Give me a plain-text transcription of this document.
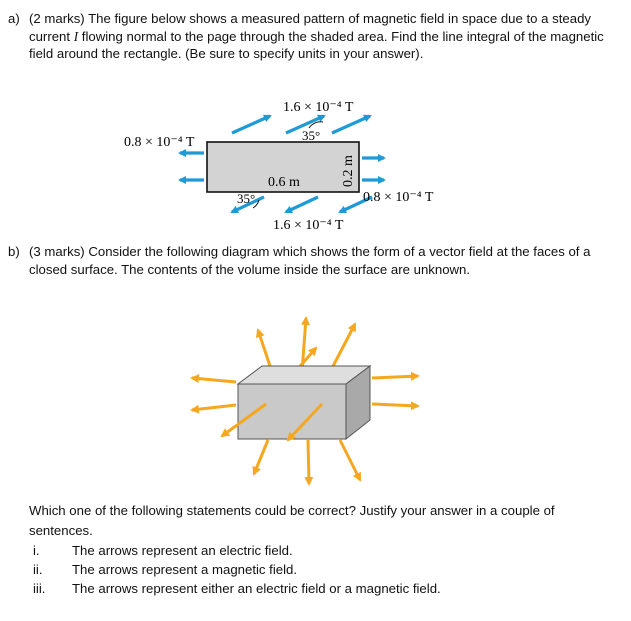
a) (2 marks) The figure below shows a measured pattern of magnetic field in space due to a steady current I flowing normal to the page through the shaded area. Find the line integral of the magnetic field around the rectangle. (Be sure to specify units in your answer).
1.6 × 10⁻⁴ T
0.8 × 10⁻⁴ T
0.8 × 10⁻⁴ T
1.6 × 10⁻⁴ T
35°
35°
0.6 m	0.2 m
b) (3 marks) Consider the following diagram which shows the form of a vector field at the faces of a closed surface. The contents of the volume inside the surface are unknown.
Which one of the following statements could be correct? Justify your answer in a couple of sentences.
i.	The arrows represent an electric field.
ii.	The arrows represent a magnetic field.
iii.	The arrows represent either an electric field or a magnetic field.
